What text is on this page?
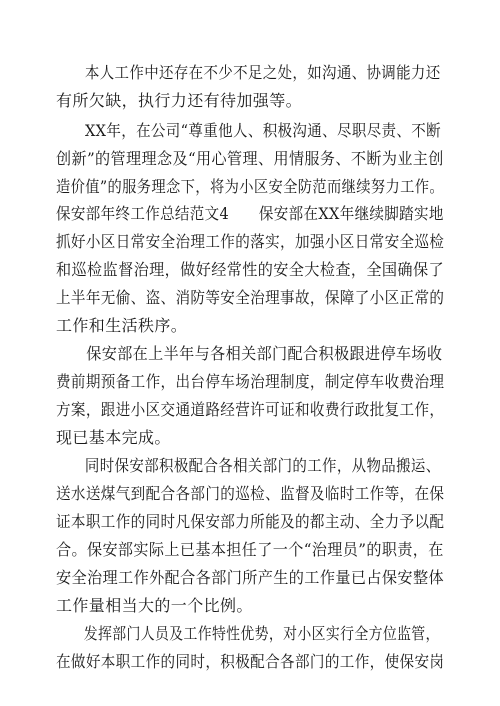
本人工作中还存在不少不足之处，如沟通、协调能力还
有所欠缺，执行力还有待加强等。
XX年，在公司“尊重他人、积极沟通、尽职尽责、不断
创新”的管理理念及“用心管理、用情服务、不断为业主创
造价值”的服务理念下，将为小区安全防范而继续努力工作。
保安部年终工作总结范文4　　保安部在XX年继续脚踏实地
抓好小区日常安全治理工作的落实，加强小区日常安全巡检
和巡检监督治理，做好经常性的安全大检查，全国确保了
上半年无偷、盗、消防等安全治理事故，保障了小区正常的
工作和生活秩序。
保安部在上半年与各相关部门配合积极跟进停车场收
费前期预备工作，出台停车场治理制度，制定停车收费治理
方案，跟进小区交通道路经营许可证和收费行政批复工作，
现已基本完成。
同时保安部积极配合各相关部门的工作，从物品搬运、
送水送煤气到配合各部门的巡检、监督及临时工作等，在保
证本职工作的同时凡保安部力所能及的都主动、全力予以配
合。保安部实际上已基本担任了一个“治理员”的职责，在
安全治理工作外配合各部门所产生的工作量已占保安整体
工作量相当大的一个比例。
发挥部门人员及工作特性优势，对小区实行全方位监管，
在做好本职工作的同时，积极配合各部门的工作，使保安岗
